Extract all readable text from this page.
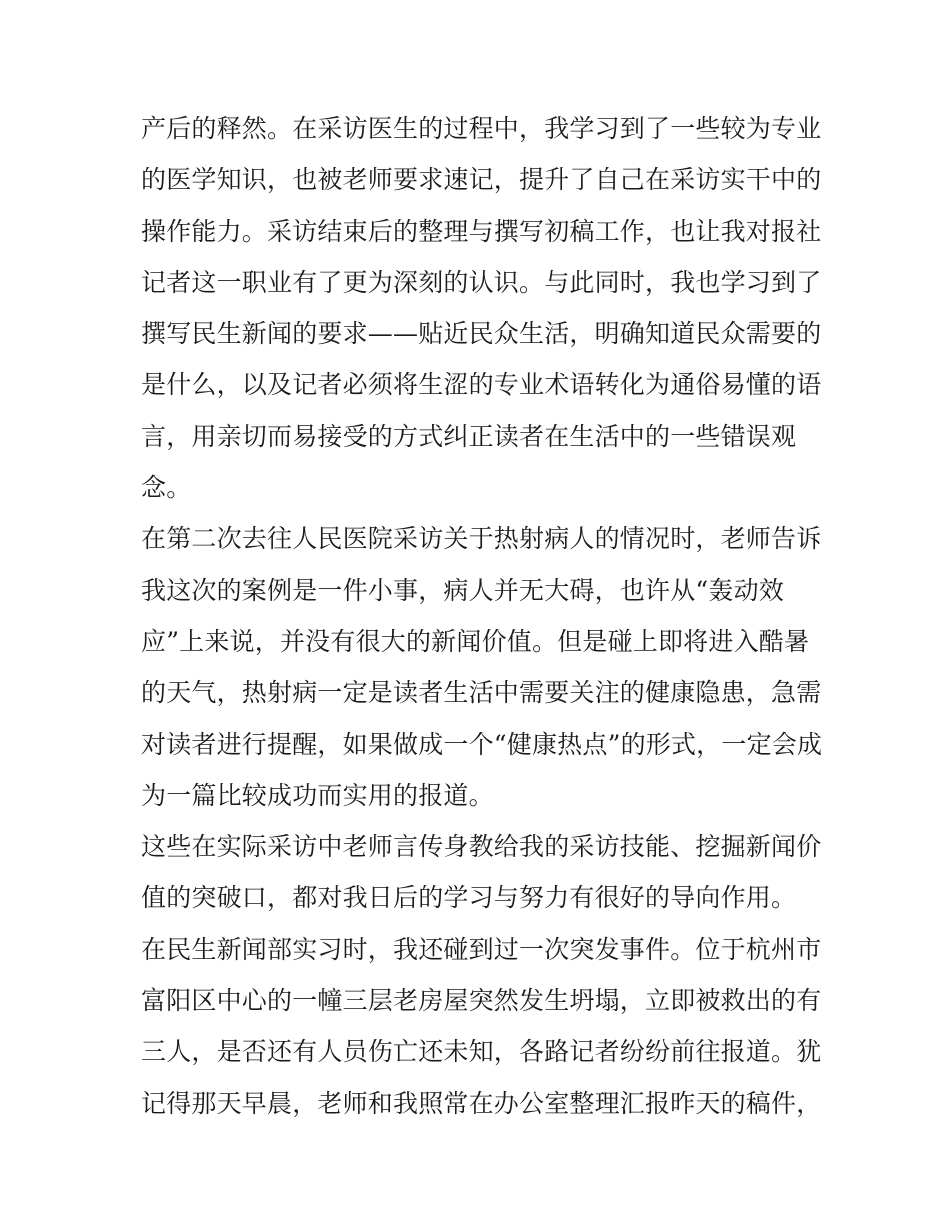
产后的释然。在采访医生的过程中，我学习到了一些较为专业
的医学知识，也被老师要求速记，提升了自己在采访实干中的
操作能力。采访结束后的整理与撰写初稿工作，也让我对报社
记者这一职业有了更为深刻的认识。与此同时，我也学习到了
撰写民生新闻的要求——贴近民众生活，明确知道民众需要的
是什么，以及记者必须将生涩的专业术语转化为通俗易懂的语
言，用亲切而易接受的方式纠正读者在生活中的一些错误观
念。
在第二次去往人民医院采访关于热射病人的情况时，老师告诉
我这次的案例是一件小事，病人并无大碍，也许从“轰动效
应”上来说，并没有很大的新闻价值。但是碰上即将进入酷暑
的天气，热射病一定是读者生活中需要关注的健康隐患，急需
对读者进行提醒，如果做成一个“健康热点”的形式，一定会成
为一篇比较成功而实用的报道。
这些在实际采访中老师言传身教给我的采访技能、挖掘新闻价
值的突破口，都对我日后的学习与努力有很好的导向作用。
在民生新闻部实习时，我还碰到过一次突发事件。位于杭州市
富阳区中心的一幢三层老房屋突然发生坍塌，立即被救出的有
三人，是否还有人员伤亡还未知，各路记者纷纷前往报道。犹
记得那天早晨，老师和我照常在办公室整理汇报昨天的稿件，
